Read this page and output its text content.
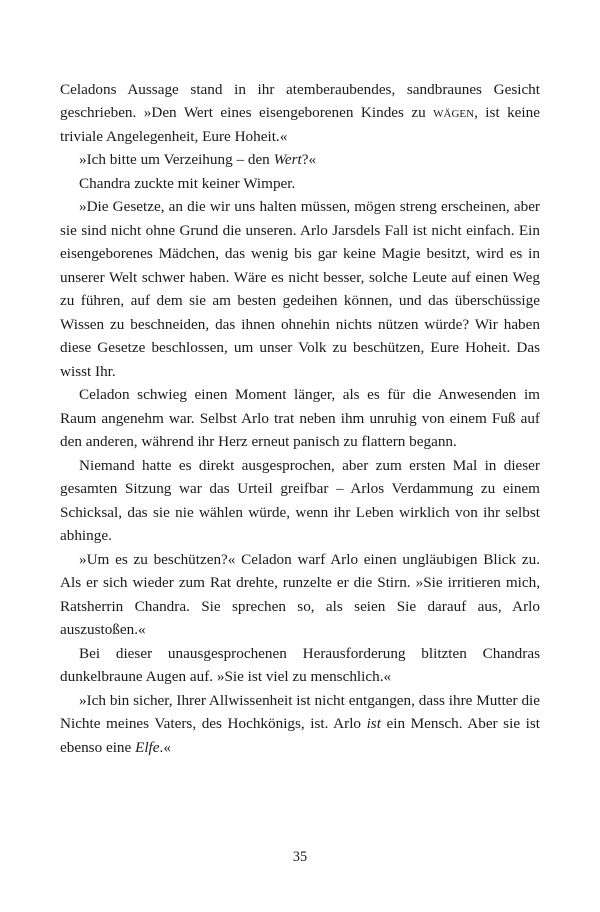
Celadons Aussage stand in ihr atemberaubendes, sandbraunes Gesicht geschrieben. »Den Wert eines eisengeborenen Kindes zu wägen, ist keine triviale Angelegenheit, Eure Hoheit.«

»Ich bitte um Verzeihung – den Wert?«

Chandra zuckte mit keiner Wimper.

»Die Gesetze, an die wir uns halten müssen, mögen streng erscheinen, aber sie sind nicht ohne Grund die unseren. Arlo Jarsdels Fall ist nicht einfach. Ein eisengeborenes Mädchen, das wenig bis gar keine Magie besitzt, wird es in unserer Welt schwer haben. Wäre es nicht besser, solche Leute auf einen Weg zu führen, auf dem sie am besten gedeihen können, und das überschüssige Wissen zu beschneiden, das ihnen ohnehin nichts nützen würde? Wir haben diese Gesetze beschlossen, um unser Volk zu beschützen, Eure Hoheit. Das wisst Ihr.

Celadon schwieg einen Moment länger, als es für die Anwesenden im Raum angenehm war. Selbst Arlo trat neben ihm unruhig von einem Fuß auf den anderen, während ihr Herz erneut panisch zu flattern begann.

Niemand hatte es direkt ausgesprochen, aber zum ersten Mal in dieser gesamten Sitzung war das Urteil greifbar – Arlos Verdammung zu einem Schicksal, das sie nie wählen würde, wenn ihr Leben wirklich von ihr selbst abhinge.

»Um es zu beschützen?« Celadon warf Arlo einen ungläubigen Blick zu. Als er sich wieder zum Rat drehte, runzelte er die Stirn. »Sie irritieren mich, Ratsherrin Chandra. Sie sprechen so, als seien Sie darauf aus, Arlo auszustoßen.«

Bei dieser unausgesprochenen Herausforderung blitzten Chandras dunkelbraune Augen auf. »Sie ist viel zu menschlich.«

»Ich bin sicher, Ihrer Allwissenheit ist nicht entgangen, dass ihre Mutter die Nichte meines Vaters, des Hochkönigs, ist. Arlo ist ein Mensch. Aber sie ist ebenso eine Elfe.«

35
